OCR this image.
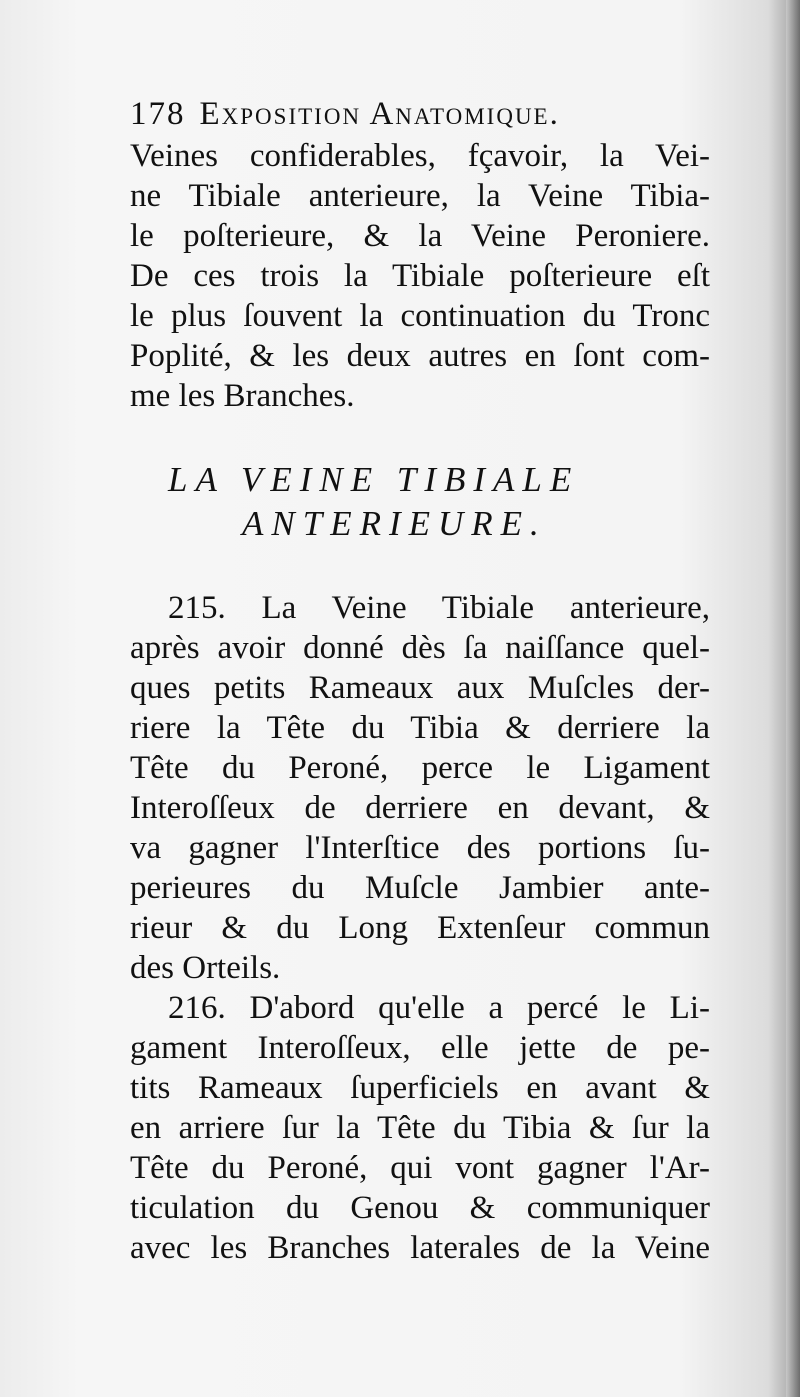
178 Exposition Anatomique.
Veines confiderables, fçavoir, la Vei-
ne Tibiale anterieure, la Veine Tibia-
le poſterieure, & la Veine Peroniere.
De ces trois la Tibiale poſterieure eſt
le plus ſouvent la continuation du Tronc
Poplité, & les deux autres en ſont com-
me les Branches.
LA VEINE TIBIALE
ANTERIEURE.
215. La Veine Tibiale anterieure,
après avoir donné dès ſa naiſſance quel-
ques petits Rameaux aux Muſcles der-
riere la Tête du Tibia & derriere la
Tête du Peroné, perce le Ligament
Interoſſeux de derriere en devant, &
va gagner l'Interſtice des portions ſu-
perieures du Muſcle Jambier ante-
rieur & du Long Extenſeur commun
des Orteils.
216. D'abord qu'elle a percé le Li-
gament Interoſſeux, elle jette de pe-
tits Rameaux ſuperficiels en avant &
en arriere ſur la Tête du Tibia & ſur la
Tête du Peroné, qui vont gagner l'Ar-
ticulation du Genou & communiquer
avec les Branches laterales de la Veine
